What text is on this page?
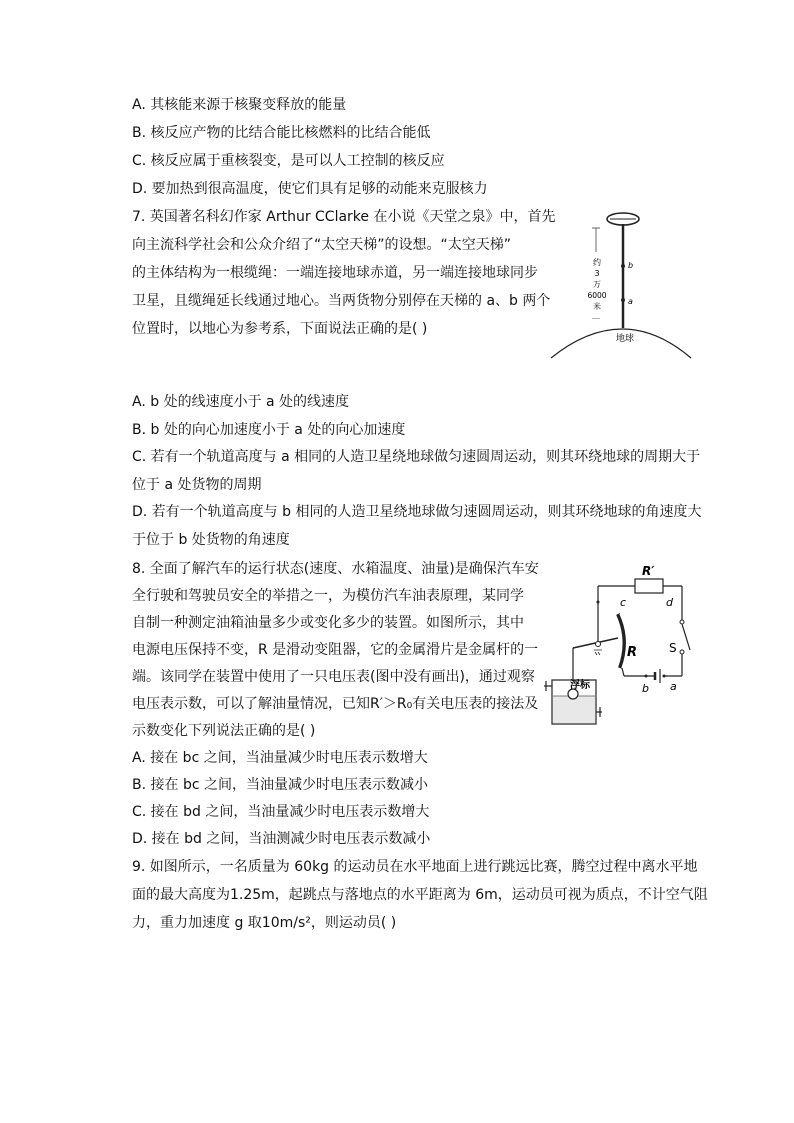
A. 其核能来源于核聚变释放的能量
B. 核反应产物的比结合能比核燃料的比结合能低
C. 核反应属于重核裂变，是可以人工控制的核反应
D. 要加热到很高温度，使它们具有足够的动能来克服核力
7. 英国著名科幻作家 Arthur CClarke 在小说《天堂之泉》中，首先
向主流科学社会和公众介绍了“太空天梯”的设想。“太空天梯”
的主体结构为一根缆绳：一端连接地球赤道，另一端连接地球同步
卫星，且缆绳延长线通过地心。当两货物分别停在天梯的 a、b 两个
位置时，以地心为参考系，下面说法正确的是( )
约
3
万
6000
米
b
a
地球
A. b 处的线速度小于 a 处的线速度
B. b 处的向心加速度小于 a 处的向心加速度
C. 若有一个轨道高度与 a 相同的人造卫星绕地球做匀速圆周运动，则其环绕地球的周期大于
位于 a 处货物的周期
D. 若有一个轨道高度与 b 相同的人造卫星绕地球做匀速圆周运动，则其环绕地球的角速度大
于位于 b 处货物的角速度
8. 全面了解汽车的运行状态(速度、水箱温度、油量)是确保汽车安
全行驶和驾驶员安全的举措之一，为模仿汽车油表原理，某同学
自制一种测定油箱油量多少或变化多少的装置。如图所示，其中
电源电压保持不变，R 是滑动变阻器，它的金属滑片是金属杆的一
端。该同学在装置中使用了一只电压表(图中没有画出)，通过观察
电压表示数，可以了解油量情况，已知R′＞R₀有关电压表的接法及
示数变化下列说法正确的是( )
R′
S
a
b
c	d
R
浮标
A. 接在 bc 之间，当油量减少时电压表示数增大
B. 接在 bc 之间，当油量减少时电压表示数减小
C. 接在 bd 之间，当油量减少时电压表示数增大
D. 接在 bd 之间，当油测减少时电压表示数减小
9. 如图所示，一名质量为 60kg 的运动员在水平地面上进行跳远比赛，腾空过程中离水平地
面的最大高度为1.25m，起跳点与落地点的水平距离为 6m，运动员可视为质点，不计空气阻
力，重力加速度 g 取10m/s²，则运动员( )
